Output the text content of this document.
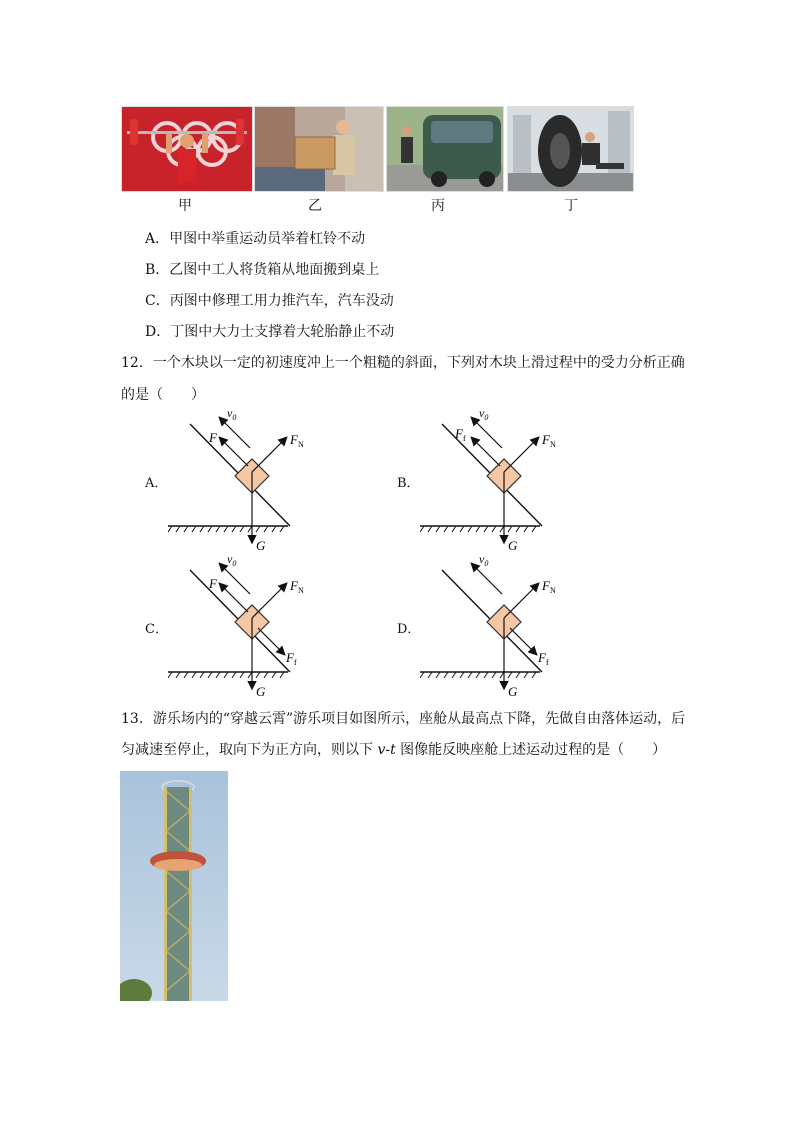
甲	乙	丙	丁
A．甲图中举重运动员举着杠铃不动
B．乙图中工人将货箱从地面搬到桌上
C．丙图中修理工用力推汽车，汽车没动
D．丁图中大力士支撑着大轮胎静止不动
12．一个木块以一定的初速度冲上一个粗糙的斜面，下列对木块上滑过程中的受力分析正确
的是（　　）
A．	B．
C．	D．
$v_0$
F	$F_N$
G
$v_0$
$F_f$	$F_N$
G
$v_0$
F	$F_N$
$F_f$
G
$v_0$
$F_N$
$F_f$
G
13．游乐场内的“穿越云霄”游乐项目如图所示，座舱从最高点下降，先做自由落体运动，后
匀减速至停止，取向下为正方向，则以下 v-t 图像能反映座舱上述运动过程的是（　　）
